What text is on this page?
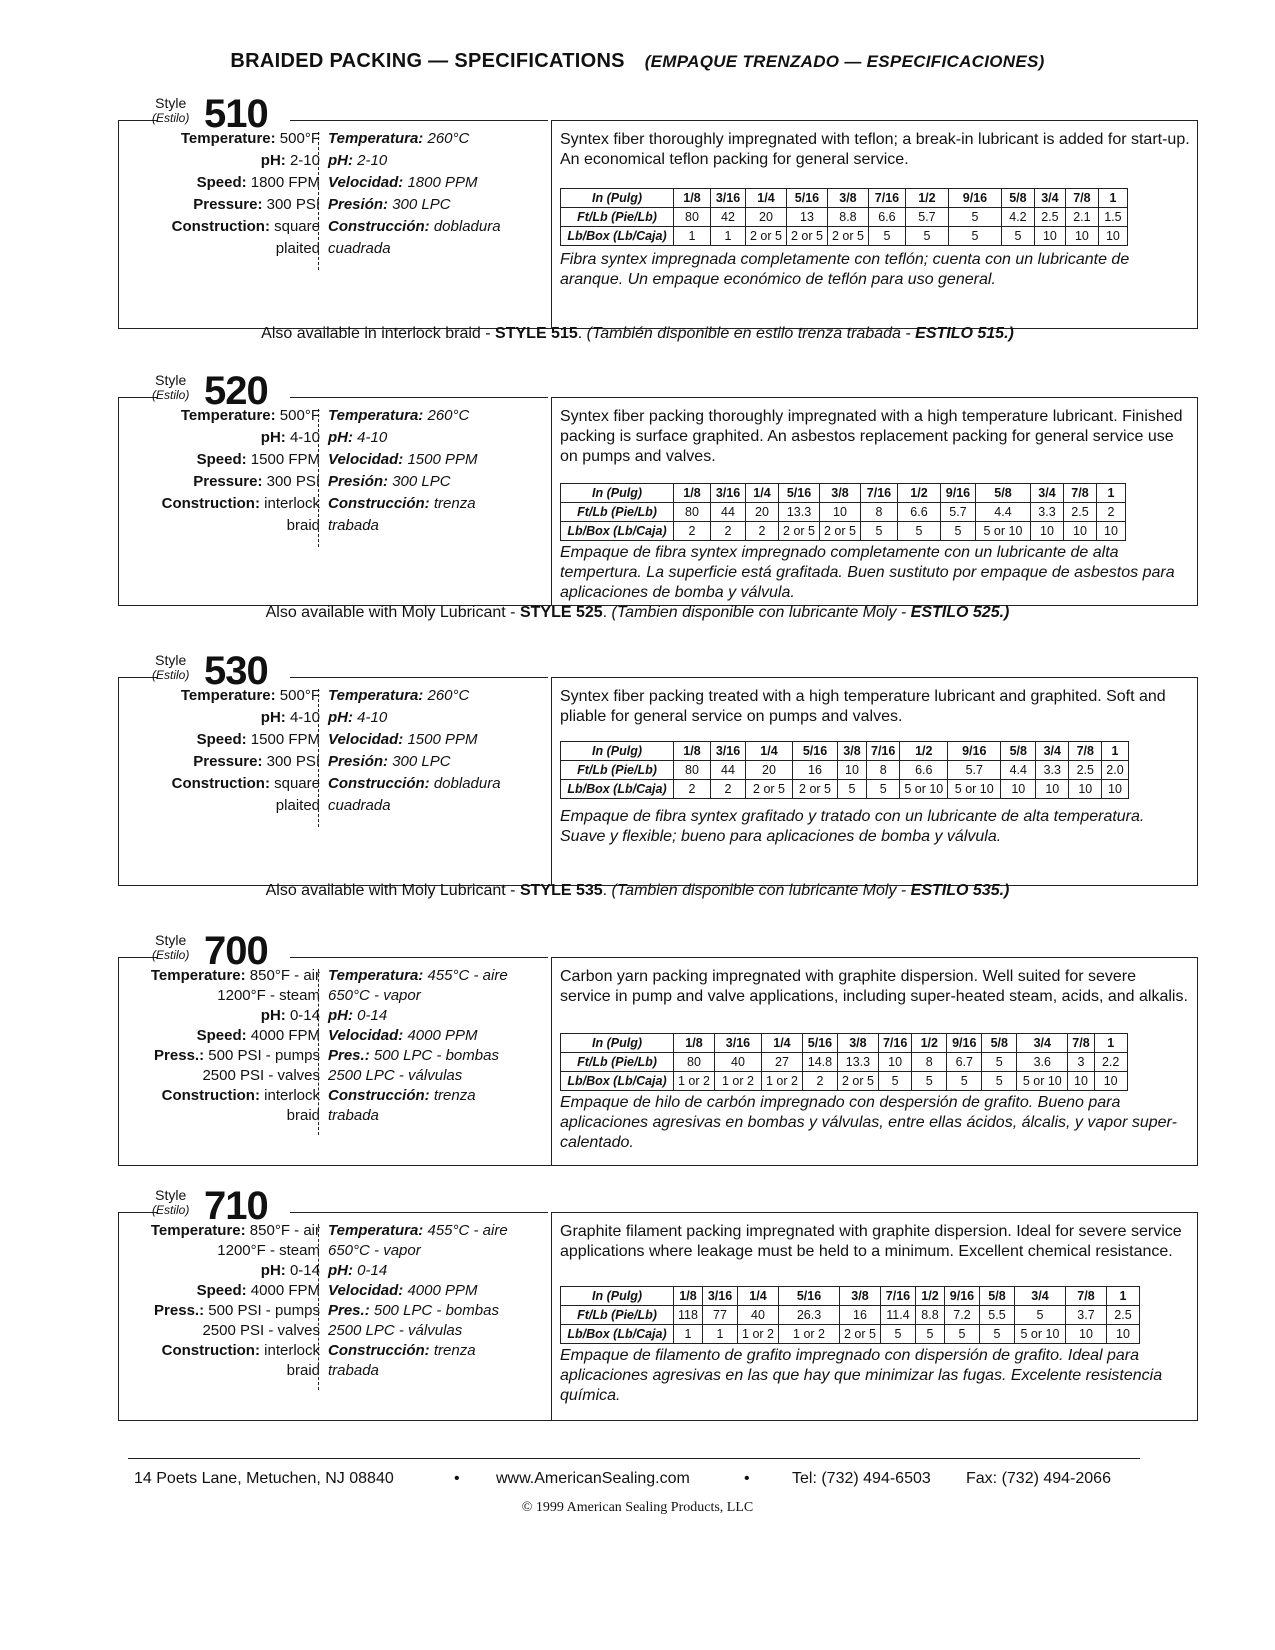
BRAIDED PACKING — SPECIFICATIONS (EMPAQUE TRENZADO — ESPECIFICACIONES)
Style
(Estilo) 510
Temperature: 500°F Temperatura: 260°C
pH: 2-10 pH: 2-10
Speed: 1800 FPM Velocidad: 1800 PPM
Pressure: 300 PSI Presión: 300 LPC
Construction: square Construcción: dobladura
plaited cuadrada
Syntex fiber thoroughly impregnated with teflon; a break-in lubricant is added for start-up. An economical teflon packing for general service.
In (Pulg)	1/8	3/16	1/4	5/16	3/8	7/16	1/2	9/16	5/8	3/4	7/8	1
Ft/Lb (Pie/Lb)	80	42	20	13	8.8	6.6	5.7	5	4.2	2.5	2.1	1.5
Lb/Box (Lb/Caja)	1	1	2 or 5	2 or 5	2 or 5	5	5	5	5	10	10	10
Fibra syntex impregnada completamente con teflón; cuenta con un lubricante de aranque. Un empaque económico de teflón para uso general.
Also available in interlock braid - STYLE 515. (También disponible en estilo trenza trabada - ESTILO 515.)
Style
(Estilo) 520
Temperature: 500°F Temperatura: 260°C
pH: 4-10 pH: 4-10
Speed: 1500 FPM Velocidad: 1500 PPM
Pressure: 300 PSI Presión: 300 LPC
Construction: interlock Construcción: trenza
braid trabada
Syntex fiber packing thoroughly impregnated with a high temperature lubricant. Finished packing is surface graphited. An asbestos replacement packing for general service use on pumps and valves.
In (Pulg)	1/8	3/16	1/4	5/16	3/8	7/16	1/2	9/16	5/8	3/4	7/8	1
Ft/Lb (Pie/Lb)	80	44	20	13.3	10	8	6.6	5.7	4.4	3.3	2.5	2
Lb/Box (Lb/Caja)	2	2	2	2 or 5	2 or 5	5	5	5	5 or 10	10	10	10
Empaque de fibra syntex impregnado completamente con un lubricante de alta tempertura. La superficie está grafitada. Buen sustituto por empaque de asbestos para aplicaciones de bomba y válvula.
Also available with Moly Lubricant - STYLE 525. (Tambien disponible con lubricante Moly - ESTILO 525.)
Style
(Estilo) 530
Temperature: 500°F Temperatura: 260°C
pH: 4-10 pH: 4-10
Speed: 1500 FPM Velocidad: 1500 PPM
Pressure: 300 PSI Presión: 300 LPC
Construction: square Construcción: dobladura
plaited cuadrada
Syntex fiber packing treated with a high temperature lubricant and graphited. Soft and pliable for general service on pumps and valves.
In (Pulg)	1/8	3/16	1/4	5/16	3/8	7/16	1/2	9/16	5/8	3/4	7/8	1
Ft/Lb (Pie/Lb)	80	44	20	16	10	8	6.6	5.7	4.4	3.3	2.5	2.0
Lb/Box (Lb/Caja)	2	2	2 or 5	2 or 5	5	5	5 or 10	5 or 10	10	10	10	10
Empaque de fibra syntex grafitado y tratado con un lubricante de alta temperatura. Suave y flexible; bueno para aplicaciones de bomba y válvula.
Also available with Moly Lubricant - STYLE 535. (Tambien disponible con lubricante Moly - ESTILO 535.)
Style
(Estilo) 700
Temperature: 850°F - air Temperatura: 455°C - aire
1200°F - steam 650°C - vapor
pH: 0-14 pH: 0-14
Speed: 4000 FPM Velocidad: 4000 PPM
Press.: 500 PSI - pumps Pres.: 500 LPC - bombas
2500 PSI - valves 2500 LPC - válvulas
Construction: interlock Construcción: trenza
braid trabada
Carbon yarn packing impregnated with graphite dispersion. Well suited for severe service in pump and valve applications, including super-heated steam, acids, and alkalis.
In (Pulg)	1/8	3/16	1/4	5/16	3/8	7/16	1/2	9/16	5/8	3/4	7/8	1
Ft/Lb (Pie/Lb)	80	40	27	14.8	13.3	10	8	6.7	5	3.6	3	2.2
Lb/Box (Lb/Caja)	1 or 2	1 or 2	1 or 2	2	2 or 5	5	5	5	5	5 or 10	10	10
Empaque de hilo de carbón impregnado con despersión de grafito. Bueno para aplicaciones agresivas en bombas y válvulas, entre ellas ácidos, álcalis, y vapor super-calentado.
Style
(Estilo) 710
Temperature: 850°F - air Temperatura: 455°C - aire
1200°F - steam 650°C - vapor
pH: 0-14 pH: 0-14
Speed: 4000 FPM Velocidad: 4000 PPM
Press.: 500 PSI - pumps Pres.: 500 LPC - bombas
2500 PSI - valves 2500 LPC - válvulas
Construction: interlock Construcción: trenza
braid trabada
Graphite filament packing impregnated with graphite dispersion. Ideal for severe service applications where leakage must be held to a minimum. Excellent chemical resistance.
In (Pulg)	1/8	3/16	1/4	5/16	3/8	7/16	1/2	9/16	5/8	3/4	7/8	1
Ft/Lb (Pie/Lb)	118	77	40	26.3	16	11.4	8.8	7.2	5.5	5	3.7	2.5
Lb/Box (Lb/Caja)	1	1	1 or 2	1 or 2	2 or 5	5	5	5	5	5 or 10	10	10
Empaque de filamento de grafito impregnado con dispersión de grafito. Ideal para aplicaciones agresivas en las que hay que minimizar las fugas. Excelente resistencia química.
14 Poets Lane, Metuchen, NJ 08840	• www.AmericanSealing.com	•	Tel: (732) 494-6503 Fax: (732) 494-2066
© 1999 American Sealing Products, LLC
